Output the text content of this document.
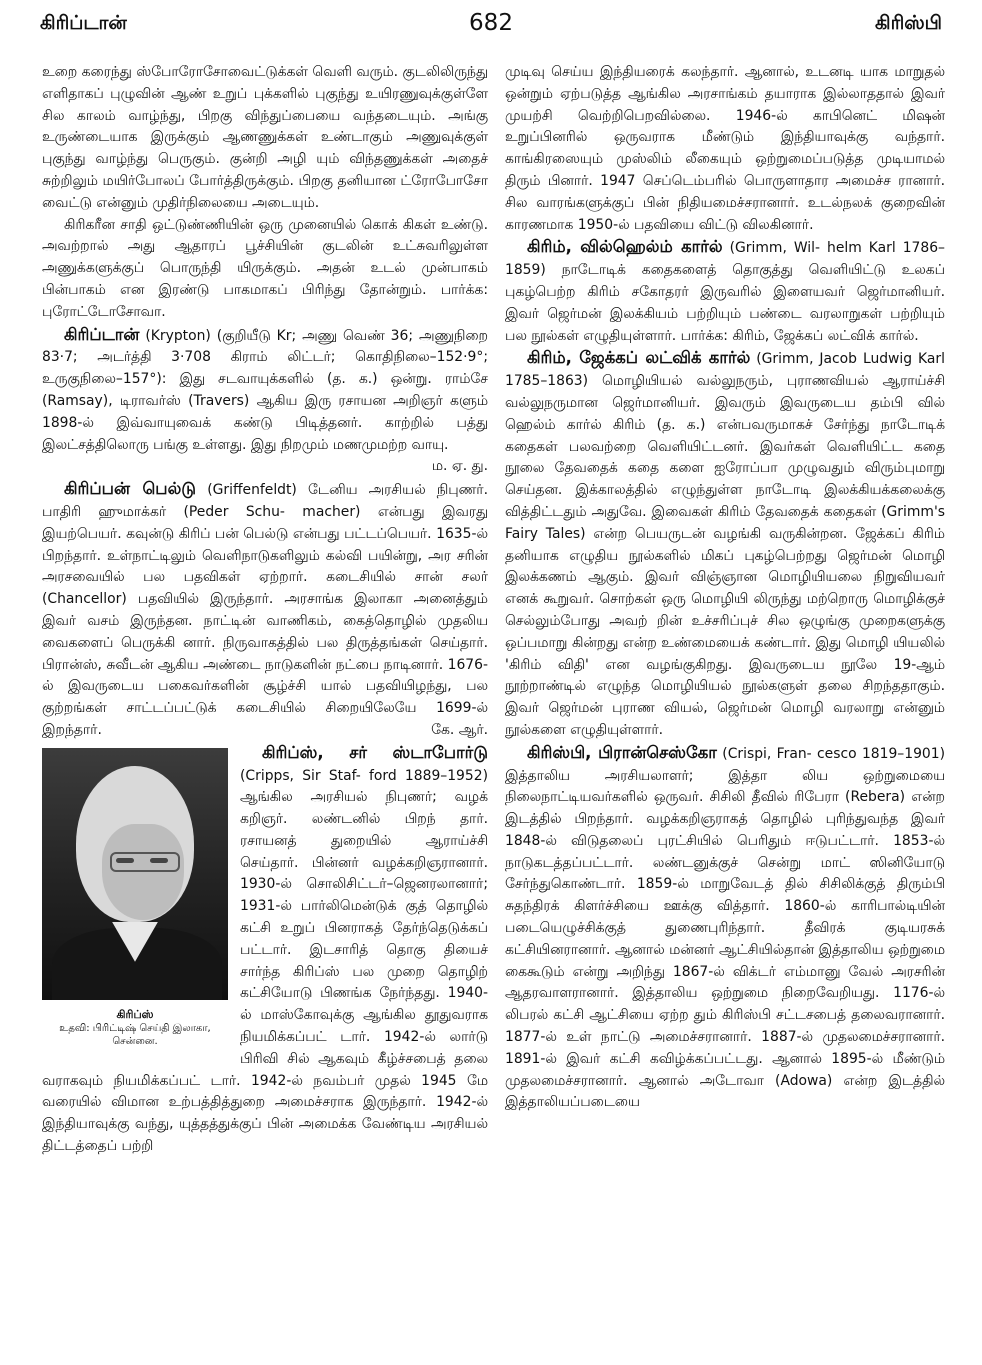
கிரிப்டான்	682	கிரிஸ்பி

உறை கரைந்து ஸ்போரோசோவைட்டுக்கள் வெளி வரும். குடலிலிருந்து எளிதாகப் புழுவின் ஆண் உறுப் புக்களில் புகுந்து உயிரணுவுக்குள்ளே சில காலம் வாழ்ந்து, பிறகு விந்துப்பையை வந்தடையும். அங்கு உருண்டையாக இருக்கும் ஆணணுக்கள் உண்டாகும் அணுவுக்குள் புகுந்து வாழ்ந்து பெருகும். குன்றி அழி யும் விந்தணுக்கள் அதைச் சுற்றிலும் மயிர்போலப் போர்த்திருக்கும். பிறகு தனியான ட்ரோபோசோ வைட்டு என்னும் முதிர்நிலையை அடையும்.

கிரிகரீன சாதி ஒட்டுண்ணியின் ஒரு முனையில் கொக் கிகள் உண்டு. அவற்றால் அது ஆதாரப் பூச்சியின் குடலின் உட்சுவரிலுள்ள அணுக்களுக்குப் பொருந்தி யிருக்கும். அதன் உடல் முன்பாகம் பின்பாகம் என இரண்டு பாகமாகப் பிரிந்து தோன்றும். பார்க்க: புரோட்டோசோவா.

கிரிப்டான் (Krypton) (குறியீடு Kr; அணு வெண் 36; அணுநிறை 83·7; அடர்த்தி 3·708 கிராம் லிட்டர்; கொதிநிலை–152·9°; உருகுநிலை–157°): இது சடவாயுக்களில் (த. க.) ஒன்று. ராம்சே (Ramsay), டிராவர்ஸ் (Travers) ஆகிய இரு ரசாயன அறிஞர் களும் 1898-ல் இவ்வாயுவைக் கண்டு பிடித்தனர். காற்றில் பத்து இலட்சத்திலொரு பங்கு உள்ளது. இது நிறமும் மணமுமற்ற வாயு.
ம. ஏ. து.

கிரிப்பன் பெல்டு (Griffenfeldt) டேனிய அரசியல் நிபுணர். பாதிரி ஹுமாக்கர் (Peder Schu- macher) என்பது இவரது இயற்பெயர். கவுன்டு கிரிப் பன் பெல்டு என்பது பட்டப்பெயர். 1635-ல் பிறந்தார். உள்நாட்டிலும் வெளிநாடுகளிலும் கல்வி பயின்று, அர சரின் அரசவையில் பல பதவிகள் ஏற்றார். கடைசியில் சான் சலர் (Chancellor) பதவியில் இருந்தார். அரசாங்க இலாகா அனைத்தும் இவர் வசம் இருந்தன. நாட்டின் வாணிகம், கைத்தொழில் முதலிய வைகளைப் பெருக்கி னார். நிருவாகத்தில் பல திருத்தங்கள் செய்தார். பிரான்ஸ், சுவீடன் ஆகிய அண்டை நாடுகளின் நட்பை நாடினார். 1676-ல் இவருடைய பகைவர்களின் சூழ்ச்சி யால் பதவியிழந்து, பல குற்றங்கள் சாட்டப்பட்டுக் கடைசியில் சிறையிலேயே 1699-ல் இறந்தார்.	கே. ஆர்.

கிரிப்ஸ்
உதவி: பிரிட்டிஷ் செய்தி இலாகா, சென்னை.

கிரிப்ஸ், சர் ஸ்டாபோர்டு (Cripps, Sir Staf- ford 1889–1952) ஆங்கில அரசியல் நிபுணர்; வழக் கறிஞர். லண்டனில் பிறந் தார். ரசாயனத் துறையில் ஆராய்ச்சி செய்தார். பின்னர் வழக்கறிஞரானார். 1930-ல் சொலிசிட்டர்–ஜெனரலானார்; 1931-ல் பார்லிமென்டுக் குத் தொழில் கட்சி உறுப் பினராகத் தேர்ந்தெடுக்கப் பட்டார். இடசாரித் தொகு தியைச் சார்ந்த கிரிப்ஸ் பல முறை தொழிற் கட்சியோடு பிணங்க நேர்ந்தது. 1940-ல் மாஸ்கோவுக்கு ஆங்கில தூதுவராக நியமிக்கப்பட் டார். 1942-ல் லார்டு பிரிவி சில் ஆகவும் கீழ்ச்சபைத் தலை வராகவும் நியமிக்கப்பட் டார். 1942-ல் நவம்பர் முதல் 1945 மே வரையில் விமான உற்பத்தித்துறை அமைச்சராக இருந்தார். 1942-ல் இந்தியாவுக்கு வந்து, யுத்தத்துக்குப் பின் அமைக்க வேண்டிய அரசியல் திட்டத்தைப் பற்றி

முடிவு செய்ய இந்தியரைக் கலந்தார். ஆனால், உடனடி யாக மாறுதல் ஒன்றும் ஏற்படுத்த ஆங்கில அரசாங்கம் தயாராக இல்லாததால் இவர் முயற்சி வெற்றிபெறவில்லை. 1946-ல் காபினெட் மிஷன் உறுப்பினரில் ஒருவராக மீண்டும் இந்தியாவுக்கு வந்தார். காங்கிரஸையும் முஸ்லிம் லீகையும் ஒற்றுமைப்படுத்த முடியாமல் திரும் பினார். 1947 செப்டெம்பரில் பொருளாதார அமைச்ச ரானார். சில வாரங்களுக்குப் பின் நிதியமைச்சரானார். உடல்நலக் குறைவின் காரணமாக 1950-ல் பதவியை விட்டு விலகினார்.

கிரிம், வில்ஹெல்ம் கார்ல் (Grimm, Wil- helm Karl 1786–1859) நாடோடிக் கதைகளைத் தொகுத்து வெளியிட்டு உலகப் புகழ்பெற்ற கிரிம் சகோதரர் இருவரில் இளையவர் ஜெர்மானியர். இவர் ஜெர்மன் இலக்கியம் பற்றியும் பண்டை வரலாறுகள் பற்றியும் பல நூல்கள் எழுதியுள்ளார். பார்க்க: கிரிம், ஜேக்கப் லட்விக் கார்ல்.

கிரிம், ஜேக்கப் லட்விக் கார்ல் (Grimm, Jacob Ludwig Karl 1785–1863) மொழியியல் வல்லுநரும், புராணவியல் ஆராய்ச்சி வல்லுநருமான ஜெர்மானியர். இவரும் இவருடைய தம்பி வில் ஹெல்ம் கார்ல் கிரிம் (த. க.) என்பவருமாகச் சேர்ந்து நாடோடிக் கதைகள் பலவற்றை வெளியிட்டனர். இவர்கள் வெளியிட்ட கதை நூலை தேவதைக் கதை களை ஐரோப்பா முழுவதும் விரும்புமாறு செய்தன. இக்காலத்தில் எழுந்துள்ள நாடோடி இலக்கியக்கலைக்கு வித்திட்டதும் அதுவே. இவைகள் கிரிம் தேவதைக் கதைகள் (Grimm's Fairy Tales) என்ற பெயருடன் வழங்கி வருகின்றன. ஜேக்கப் கிரிம் தனியாக எழுதிய நூல்களில் மிகப் புகழ்பெற்றது ஜெர்மன் மொழி இலக்கணம் ஆகும். இவர் விஞ்ஞான மொழியியலை நிறுவியவர் எனக் கூறுவர். சொற்கள் ஒரு மொழியி லிருந்து மற்றொரு மொழிக்குச் செல்லும்போது அவற் றின் உச்சரிப்புச் சில ஒழுங்கு முறைகளுக்கு ஒப்பமாறு கின்றது என்ற உண்மையைக் கண்டார். இது மொழி யியலில் 'கிரிம் விதி' என வழங்குகிறது. இவருடைய நூலே 19-ஆம் நூற்றாண்டில் எழுந்த மொழியியல் நூல்களுள் தலை சிறந்ததாகும். இவர் ஜெர்மன் புராண வியல், ஜெர்மன் மொழி வரலாறு என்னும் நூல்களை எழுதியுள்ளார்.

கிரிஸ்பி, பிரான்செஸ்கோ (Crispi, Fran- cesco 1819–1901) இத்தாலிய அரசியலாளர்; இத்தா லிய ஒற்றுமையை நிலைநாட்டியவர்களில் ஒருவர். சிசிலி தீவில் ரிபேரா (Rebera) என்ற இடத்தில் பிறந்தார். வழக்கறிஞராகத் தொழில் புரிந்துவந்த இவர் 1848-ல் விடுதலைப் புரட்சியில் பெரிதும் ஈடுபட்டார். 1853-ல் நாடுகடத்தப்பட்டார். லண்டனுக்குச் சென்று மாட் ஸினியோடு சேர்ந்துகொண்டார். 1859-ல் மாறுவேடத் தில் சிசிலிக்குத் திரும்பி சுதந்திரக் கிளர்ச்சியை ஊக்கு வித்தார். 1860-ல் காரிபால்டியின் படையெழுச்சிக்குத் துணைபுரிந்தார். தீவிரக் குடியரசுக் கட்சியினரானார். ஆனால் மன்னர் ஆட்சியில்தான் இத்தாலிய ஒற்றுமை கைகூடும் என்று அறிந்து 1867-ல் விக்டர் எம்மானு வேல் அரசரின் ஆதரவாளரானார். இத்தாலிய ஒற்றுமை நிறைவேறியது. 1176-ல் லிபரல் கட்சி ஆட்சியை ஏற்ற தும் கிரிஸ்பி சட்டசபைத் தலைவரானார். 1877-ல் உள் நாட்டு அமைச்சரானார். 1887-ல் முதலமைச்சரானார். 1891-ல் இவர் கட்சி கவிழ்க்கப்பட்டது. ஆனால் 1895-ல் மீண்டும் முதலமைச்சரானார். ஆனால் அடோவா (Adowa) என்ற இடத்தில் இத்தாலியப்படையை
